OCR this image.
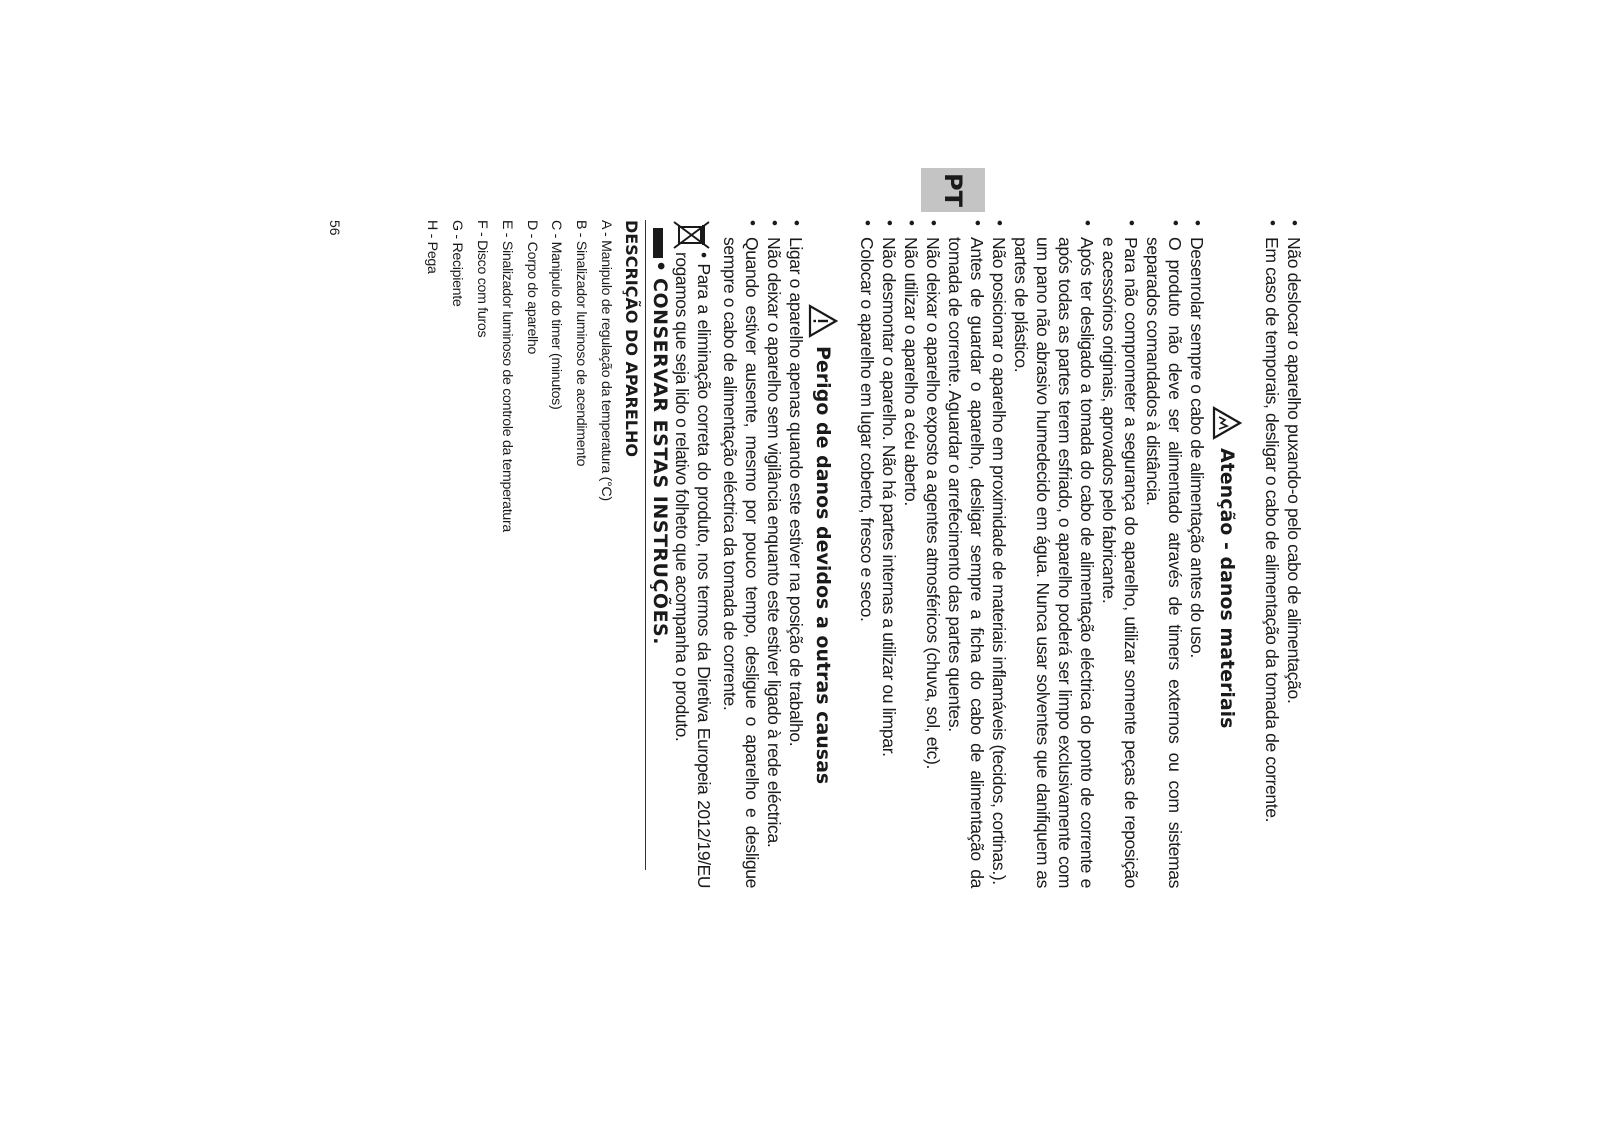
PT
• Não deslocar o aparelho puxando-o pelo cabo de alimentação.
• Em caso de temporais, desligar o cabo de alimentação da tomada de corrente.
Atenção - danos materiais
• Desenrolar sempre o cabo de alimentação antes do uso.
• O produto não deve ser alimentado através de timers externos ou com sistemas separados comandados à distância.
• Para não comprometer a segurança do aparelho, utilizar somente peças de reposição e acessórios originais, aprovados pelo fabricante.
• Após ter desligado a tomada do cabo de alimentação eléctrica do ponto de corrente e após todas as partes terem esfriado, o aparelho poderá ser limpo exclusivamente com um pano não abrasivo humedecido em água. Nunca usar solventes que danifiquem as partes de plástico.
• Não posicionar o aparelho em proximidade de materiais inflamáveis (tecidos, cortinas.).
• Antes de guardar o aparelho, desligar sempre a ficha do cabo de alimentação da tomada de corrente. Aguardar o arrefecimento das partes quentes.
• Não deixar o aparelho exposto a agentes atmosféricos (chuva, sol, etc).
• Não utilizar o aparelho a céu aberto.
• Não desmontar o aparelho. Não há partes internas a utilizar ou limpar.
• Colocar o aparelho em lugar coberto, fresco e seco.
Perigo de danos devidos a outras causas
• Ligar o aparelho apenas quando este estiver na posição de trabalho.
• Não deixar o aparelho sem vigilância enquanto este estiver ligado à rede eléctrica.
• Quando estiver ausente, mesmo por pouco tempo, desligue o aparelho e desligue sempre o cabo de alimentação eléctrica da tomada de corrente.
• Para a eliminação correta do produto, nos termos da Diretiva Europeia 2012/19/EU rogamos que seja lido o relativo folheto que acompanha o produto.
• CONSERVAR ESTAS INSTRUÇÕES.
DESCRIÇÃO DO APARELHO
A - Manipulo de regulação da temperatura (°C)
B - Sinalizador luminoso de acendimento
C - Manipulo do timer (minutos)
D - Corpo do aparelho
E - Sinalizador luminoso de controle da temperatura
F - Disco com furos
G - Recipiente
H - Pega
56
